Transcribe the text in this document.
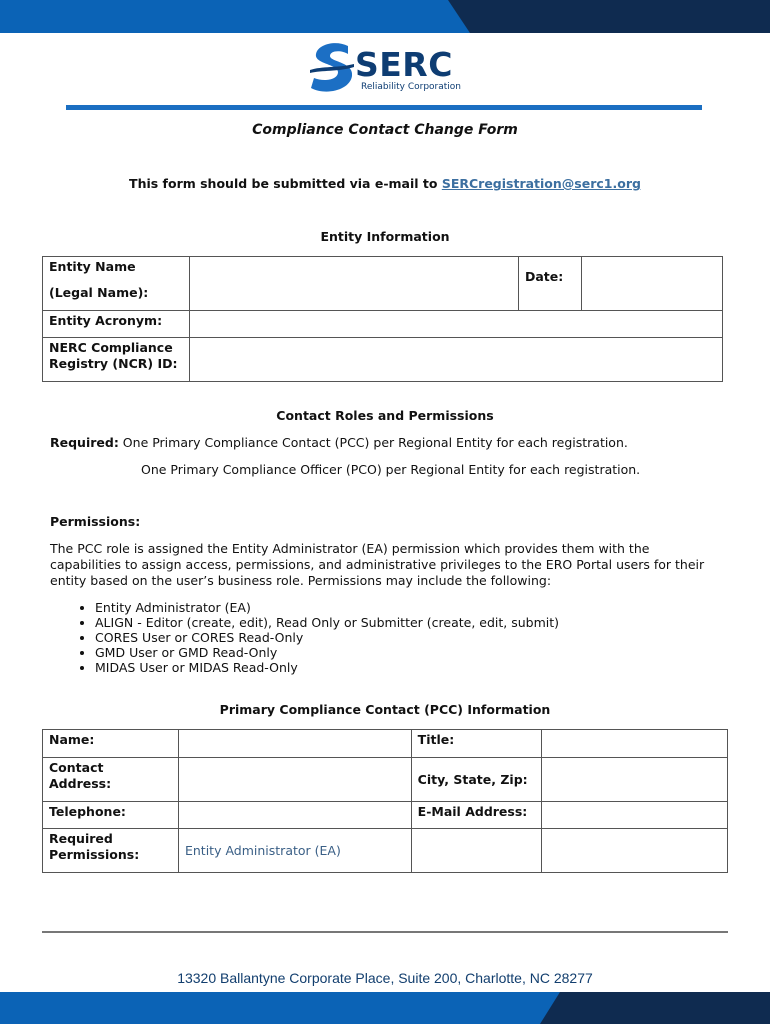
SERC
Reliability Corporation
Compliance Contact Change Form
This form should be submitted via e-mail to SERCregistration@serc1.org
Entity Information
Entity Name
(Legal Name):		Date:	
Entity Acronym:			

NERC Compliance
Registry (NCR) ID:			

Contact Roles and Permissions
Required: One Primary Compliance Contact (PCC) per Regional Entity for each registration.
One Primary Compliance Officer (PCO) per Regional Entity for each registration.
Permissions:
The PCC role is assigned the Entity Administrator (EA) permission which provides them with the capabilities to assign access, permissions, and administrative privileges to the ERO Portal users for their entity based on the user’s business role. Permissions may include the following:
• Entity Administrator (EA)
• ALIGN - Editor (create, edit), Read Only or Submitter (create, edit, submit)
• CORES User or CORES Read-Only
• GMD User or GMD Read-Only
• MIDAS User or MIDAS Read-Only
Primary Compliance Contact (PCC) Information
Name:		Title:	

Contact
Address:		City, State, Zip:	
Telephone:		E-Mail Address:	

Required
Permissions:	Entity Administrator (EA)		
13320 Ballantyne Corporate Place, Suite 200, Charlotte, NC 28277
